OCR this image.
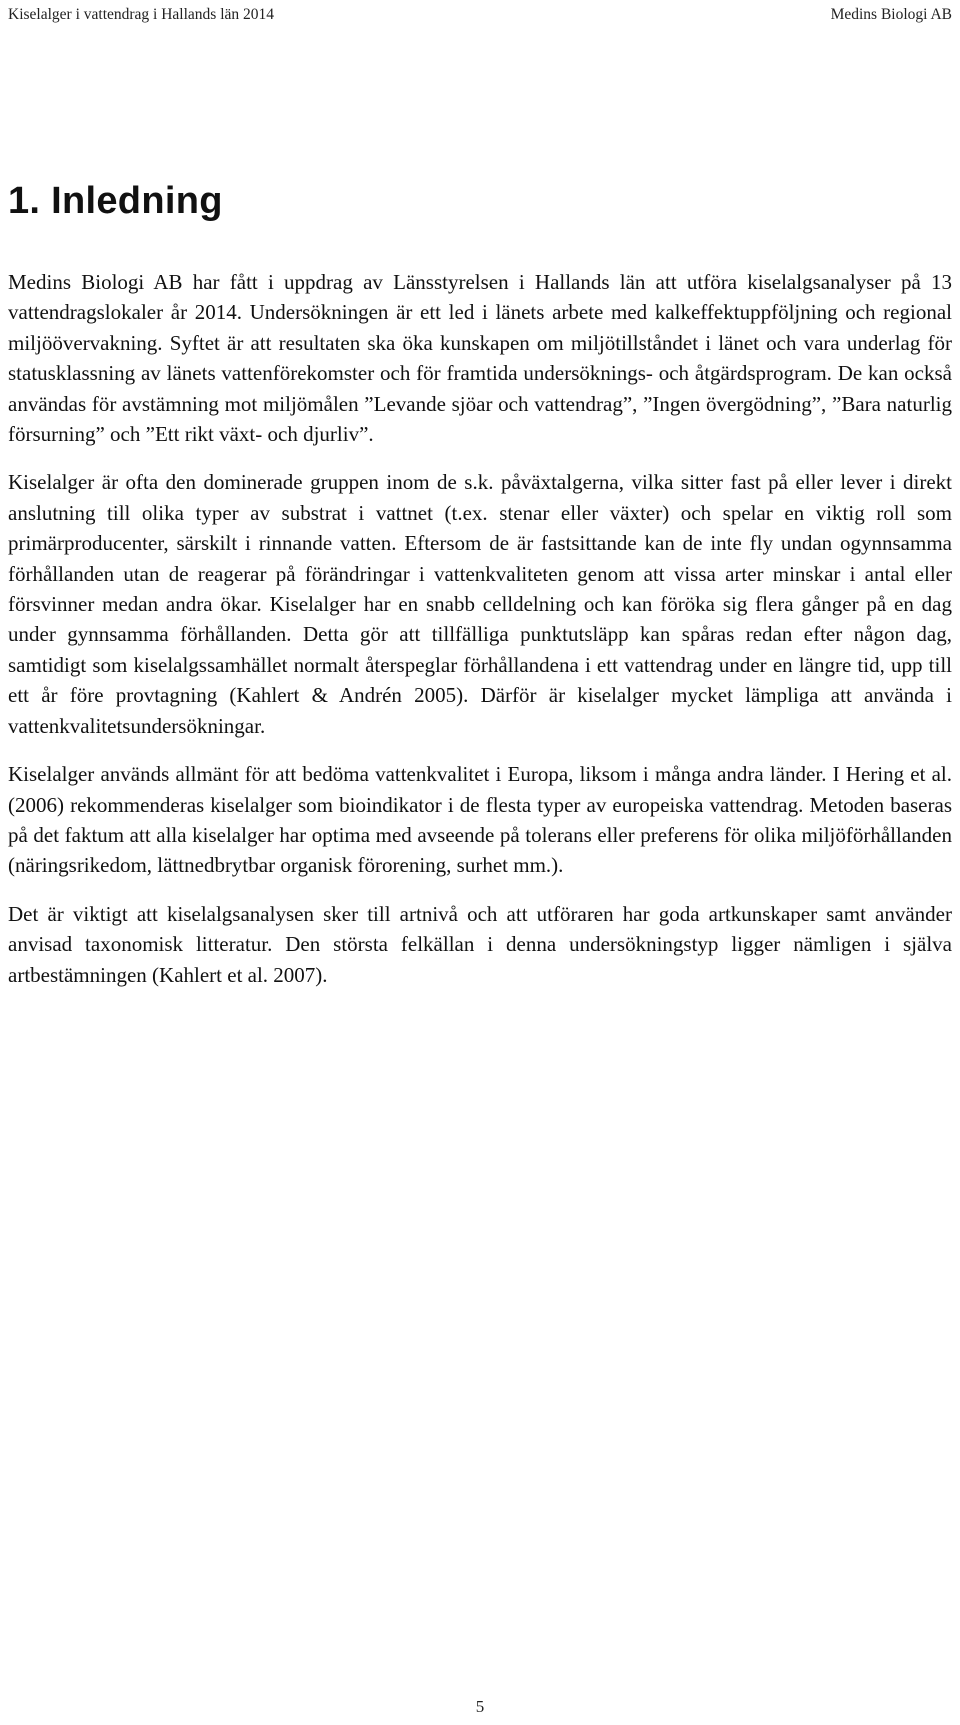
Kiselalger i vattendrag i Hallands län 2014	Medins Biologi AB
1. Inledning

Medins Biologi AB har fått i uppdrag av Länsstyrelsen i Hallands län att utföra kiselalgsanalyser på 13 vattendragslokaler år 2014. Undersökningen är ett led i länets arbete med kalkeffektuppföljning och regional miljöövervakning. Syftet är att resultaten ska öka kunskapen om miljötillståndet i länet och vara underlag för statusklassning av länets vattenförekomster och för framtida undersöknings- och åtgärdsprogram. De kan också användas för avstämning mot miljömålen ”Levande sjöar och vattendrag”, ”Ingen övergödning”, ”Bara naturlig försurning” och ”Ett rikt växt- och djurliv”.

Kiselalger är ofta den dominerade gruppen inom de s.k. påväxtalgerna, vilka sitter fast på eller lever i direkt anslutning till olika typer av substrat i vattnet (t.ex. stenar eller växter) och spelar en viktig roll som primärproducenter, särskilt i rinnande vatten. Eftersom de är fastsittande kan de inte fly undan ogynnsamma förhållanden utan de reagerar på förändringar i vattenkvaliteten genom att vissa arter minskar i antal eller försvinner medan andra ökar. Kiselalger har en snabb celldelning och kan föröka sig flera gånger på en dag under gynnsamma förhållanden. Detta gör att tillfälliga punktutsläpp kan spåras redan efter någon dag, samtidigt som kiselalgssamhället normalt återspeglar förhållandena i ett vattendrag under en längre tid, upp till ett år före provtagning (Kahlert & Andrén 2005). Därför är kiselalger mycket lämpliga att använda i vattenkvalitetsundersökningar.

Kiselalger används allmänt för att bedöma vattenkvalitet i Europa, liksom i många andra länder. I Hering et al. (2006) rekommenderas kiselalger som bioindikator i de flesta typer av europeiska vattendrag. Metoden baseras på det faktum att alla kiselalger har optima med avseende på tolerans eller preferens för olika miljöförhållanden (näringsrikedom, lättnedbrytbar organisk förorening, surhet mm.).

Det är viktigt att kiselalgsanalysen sker till artnivå och att utföraren har goda artkunskaper samt använder anvisad taxonomisk litteratur. Den största felkällan i denna undersökningstyp ligger nämligen i själva artbestämningen (Kahlert et al. 2007).

5
